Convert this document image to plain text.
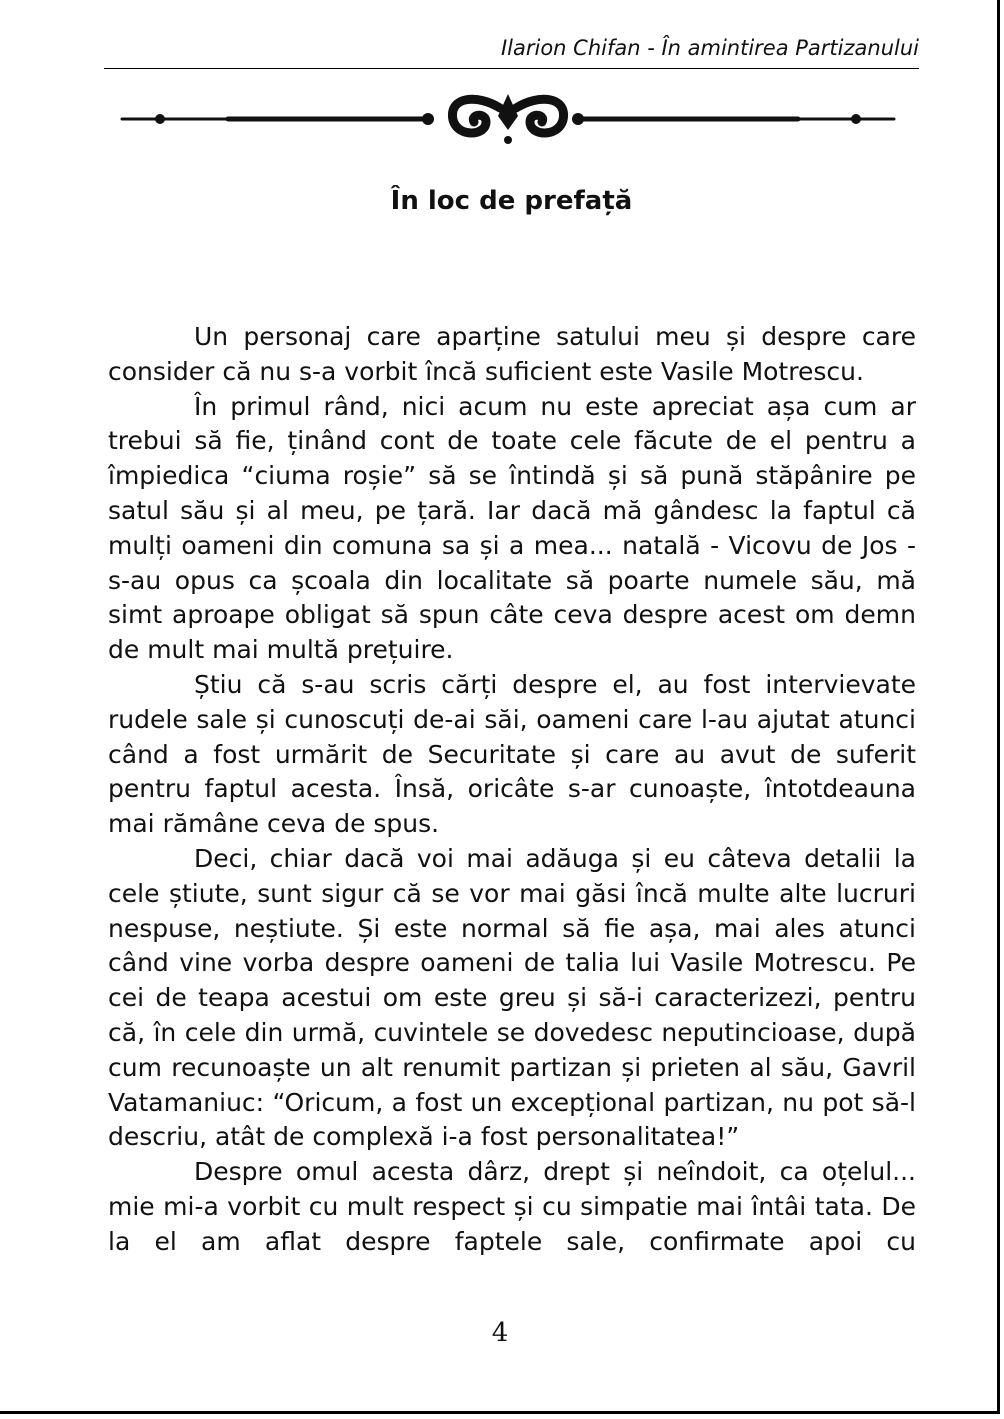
Ilarion Chifan - În amintirea Partizanului
În loc de prefață

Un personaj care aparține satului meu și despre care consider că nu s-a vorbit încă suficient este Vasile Motrescu.

În primul rând, nici acum nu este apreciat așa cum ar trebui să fie, ținând cont de toate cele făcute de el pentru a împiedica “ciuma roșie” să se întindă și să pună stăpânire pe satul său și al meu, pe țară. Iar dacă mă gândesc la faptul că mulți oameni din comuna sa și a mea... natală - Vicovu de Jos - s-au opus ca școala din localitate să poarte numele său, mă simt aproape obligat să spun câte ceva despre acest om demn de mult mai multă prețuire.

Știu că s-au scris cărți despre el, au fost intervievate rudele sale și cunoscuți de-ai săi, oameni care l-au ajutat atunci când a fost urmărit de Securitate și care au avut de suferit pentru faptul acesta. Însă, oricâte s-ar cunoaște, întotdeauna mai rămâne ceva de spus.

Deci, chiar dacă voi mai adăuga și eu câteva detalii la cele știute, sunt sigur că se vor mai găsi încă multe alte lucruri nespuse, neștiute. Și este normal să fie așa, mai ales atunci când vine vorba despre oameni de talia lui Vasile Motrescu. Pe cei de teapa acestui om este greu și să-i caracterizezi, pentru că, în cele din urmă, cuvintele se dovedesc neputincioase, după cum recunoaște un alt renumit partizan și prieten al său, Gavril Vatamaniuc: “Oricum, a fost un excepțional partizan, nu pot să-l descriu, atât de complexă i-a fost personalitatea!”

Despre omul acesta dârz, drept și neîndoit, ca oțelul... mie mi-a vorbit cu mult respect și cu simpatie mai întâi tata. De la el am aflat despre faptele sale, confirmate apoi cu

4
